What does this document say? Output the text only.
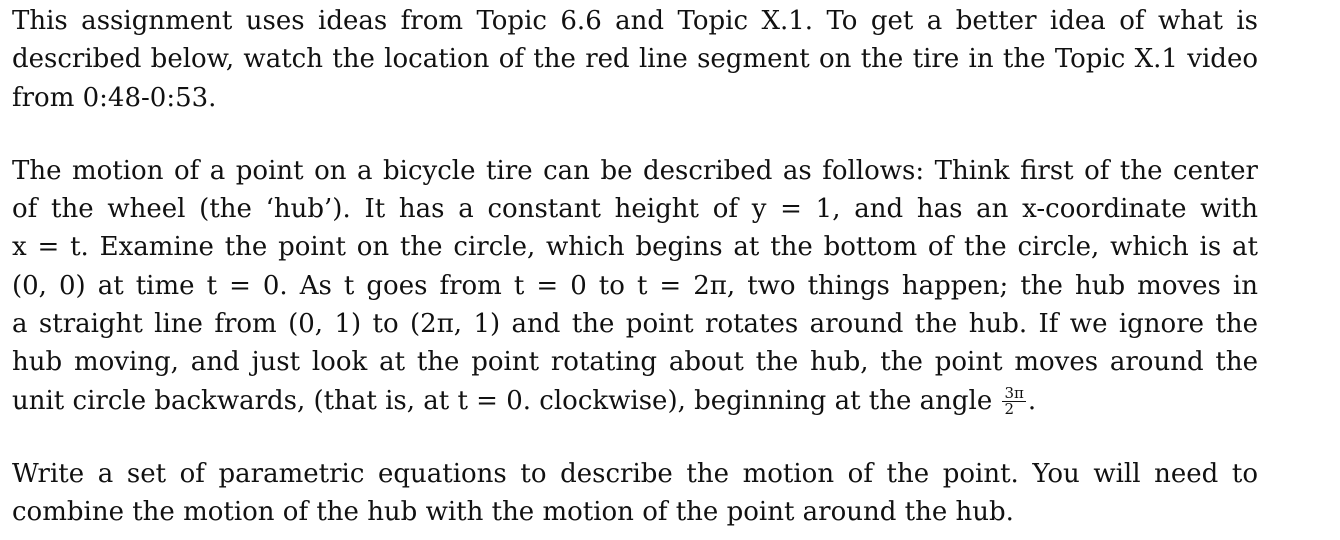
This assignment uses ideas from Topic 6.6 and Topic X.1. To get a better idea of what is
described below, watch the location of the red line segment on the tire in the Topic X.1 video
from 0:48-0:53.

The motion of a point on a bicycle tire can be described as follows: Think first of the center
of the wheel (the ‘hub’). It has a constant height of y = 1, and has an x-coordinate with
x = t. Examine the point on the circle, which begins at the bottom of the circle, which is at
(0, 0) at time t = 0. As t goes from t = 0 to t = 2π, two things happen; the hub moves in
a straight line from (0, 1) to (2π, 1) and the point rotates around the hub. If we ignore the
hub moving, and just look at the point rotating about the hub, the point moves around the
unit circle backwards, (that is, at t = 0. clockwise), beginning at the angle $\frac{3\pi}{2}$ .

Write a set of parametric equations to describe the motion of the point. You will need to
combine the motion of the hub with the motion of the point around the hub.
